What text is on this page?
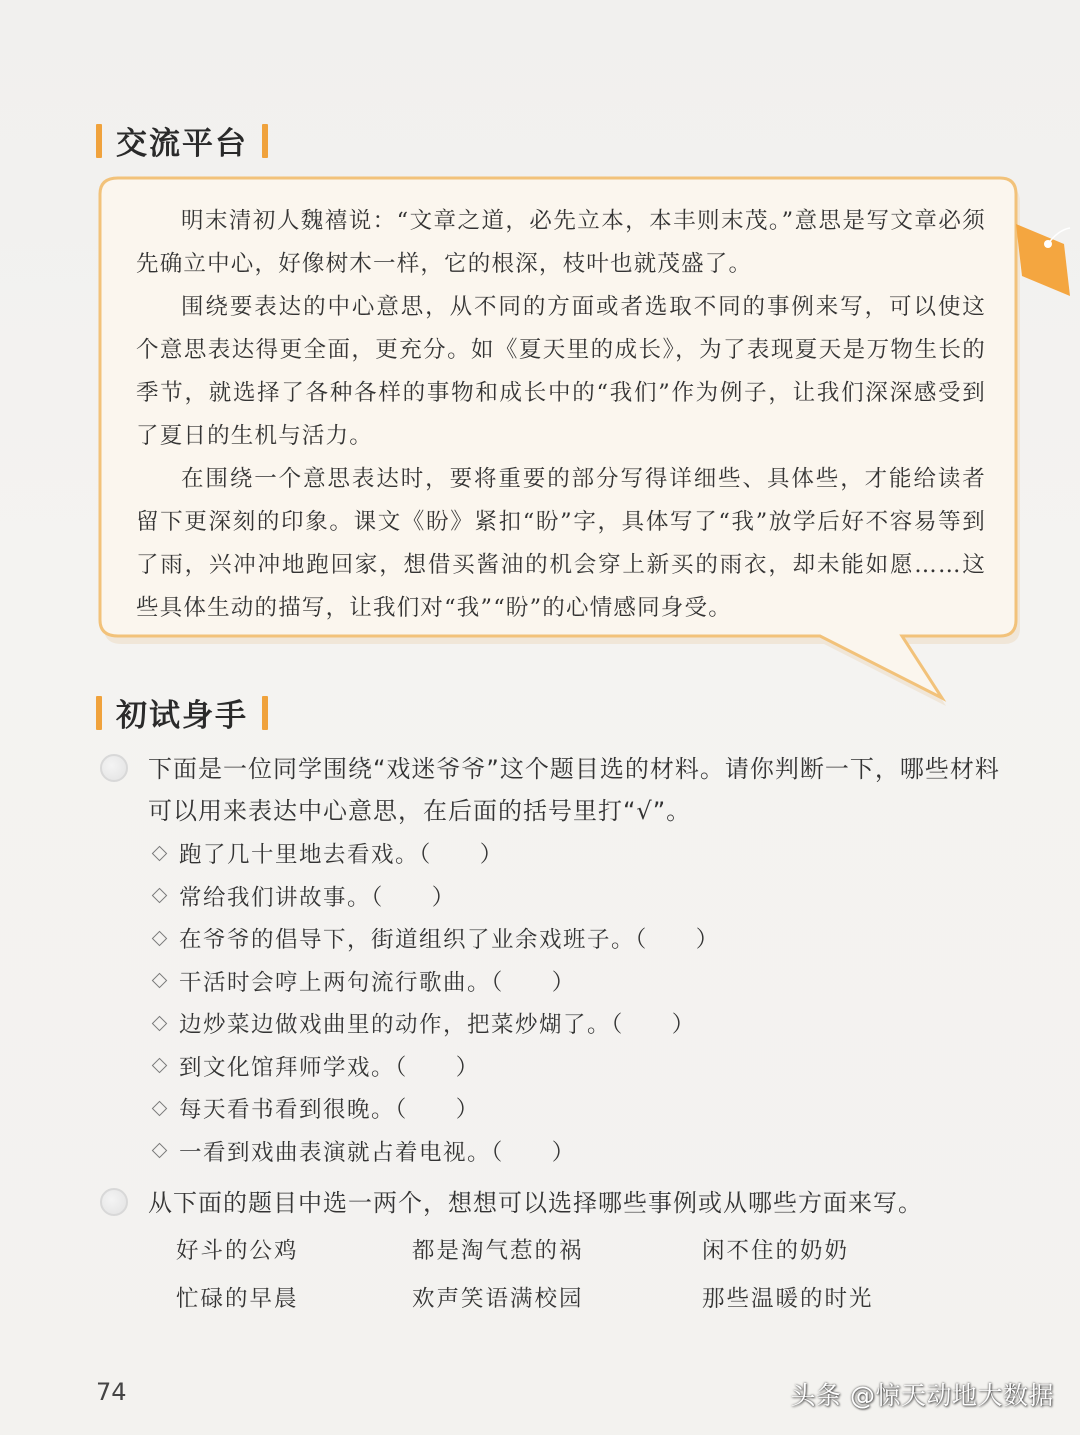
交流平台

明末清初人魏禧说：“文章之道，必先立本，本丰则末茂。”意思是写文章必须先确立中心，好像树木一样，它的根深，枝叶也就茂盛了。

围绕要表达的中心意思，从不同的方面或者选取不同的事例来写，可以使这个意思表达得更全面，更充分。如《夏天里的成长》，为了表现夏天是万物生长的季节，就选择了各种各样的事物和成长中的“我们”作为例子，让我们深深感受到了夏日的生机与活力。

在围绕一个意思表达时，要将重要的部分写得详细些、具体些，才能给读者留下更深刻的印象。课文《盼》紧扣“盼”字，具体写了“我”放学后好不容易等到了雨，兴冲冲地跑回家，想借买酱油的机会穿上新买的雨衣，却未能如愿……这些具体生动的描写，让我们对“我”“盼”的心情感同身受。

初试身手
下面是一位同学围绕“戏迷爷爷”这个题目选的材料。请你判断一下，哪些材料可以用来表达中心意思，在后面的括号里打“√”。
跑了几十里地去看戏。（　　）
常给我们讲故事。（　　）
在爷爷的倡导下，街道组织了业余戏班子。（　　）
干活时会哼上两句流行歌曲。（　　）
边炒菜边做戏曲里的动作，把菜炒煳了。（　　）
到文化馆拜师学戏。（　　）
每天看书看到很晚。（　　）
一看到戏曲表演就占着电视。（　　）
从下面的题目中选一两个，想想可以选择哪些事例或从哪些方面来写。
好斗的公鸡	都是淘气惹的祸	闲不住的奶奶
忙碌的早晨	欢声笑语满校园	那些温暖的时光
74	头条 @惊天动地大数据
